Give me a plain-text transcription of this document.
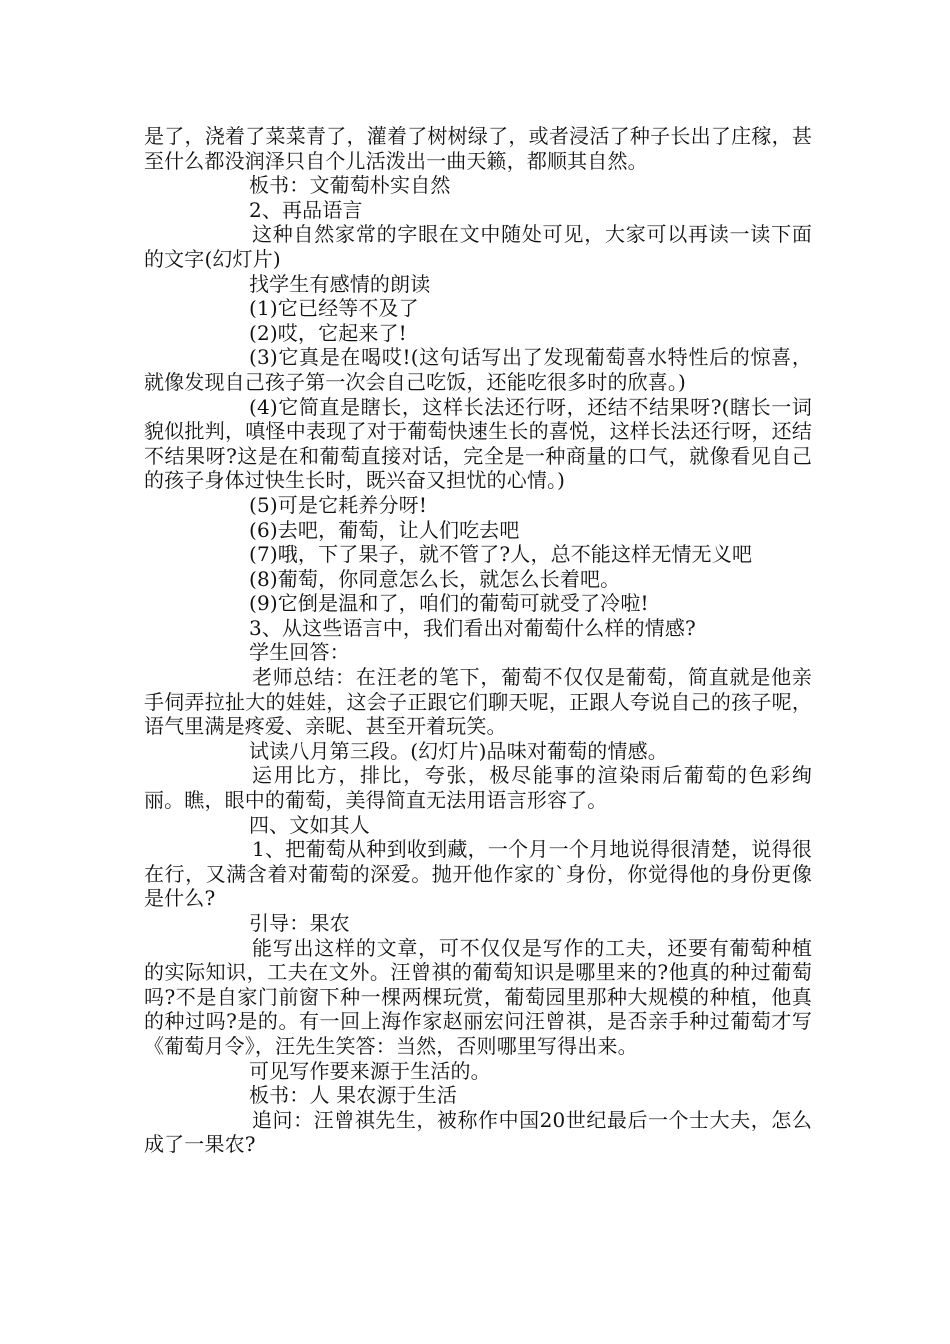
是了，浇着了菜菜青了，灌着了树树绿了，或者浸活了种子长出了庄稼，甚至什么都没润泽只自个儿活泼出一曲天籁，都顺其自然。

板书：文葡萄朴实自然

2、再品语言

这种自然家常的字眼在文中随处可见，大家可以再读一读下面的文字(幻灯片)

找学生有感情的朗读

(1)它已经等不及了

(2)哎，它起来了!

(3)它真是在喝哎!(这句话写出了发现葡萄喜水特性后的惊喜，就像发现自己孩子第一次会自己吃饭，还能吃很多时的欣喜。)

(4)它简直是瞎长，这样长法还行呀，还结不结果呀?(瞎长一词貌似批判，嗔怪中表现了对于葡萄快速生长的喜悦，这样长法还行呀，还结不结果呀?这是在和葡萄直接对话，完全是一种商量的口气，就像看见自己的孩子身体过快生长时，既兴奋又担忧的心情。)

(5)可是它耗养分呀!

(6)去吧，葡萄，让人们吃去吧

(7)哦，下了果子，就不管了?人，总不能这样无情无义吧

(8)葡萄，你同意怎么长，就怎么长着吧。

(9)它倒是温和了，咱们的葡萄可就受了冷啦!

3、从这些语言中，我们看出对葡萄什么样的情感?

学生回答：

老师总结：在汪老的笔下，葡萄不仅仅是葡萄，简直就是他亲手伺弄拉扯大的娃娃，这会子正跟它们聊天呢，正跟人夸说自己的孩子呢，语气里满是疼爱、亲昵、甚至开着玩笑。

试读八月第三段。(幻灯片)品味对葡萄的情感。

运用比方，排比，夸张，极尽能事的渲染雨后葡萄的色彩绚丽。瞧，眼中的葡萄，美得简直无法用语言形容了。

四、文如其人

1、把葡萄从种到收到藏，一个月一个月地说得很清楚，说得很在行，又满含着对葡萄的深爱。抛开他作家的`身份，你觉得他的身份更像是什么?

引导：果农

能写出这样的文章，可不仅仅是写作的工夫，还要有葡萄种植的实际知识，工夫在文外。汪曾祺的葡萄知识是哪里来的?他真的种过葡萄吗?不是自家门前窗下种一棵两棵玩赏，葡萄园里那种大规模的种植，他真的种过吗?是的。有一回上海作家赵丽宏问汪曾祺，是否亲手种过葡萄才写《葡萄月令》，汪先生笑答：当然，否则哪里写得出来。

可见写作要来源于生活的。

板书：人 果农源于生活

追问：汪曾祺先生，被称作中国20世纪最后一个士大夫，怎么成了一果农?
